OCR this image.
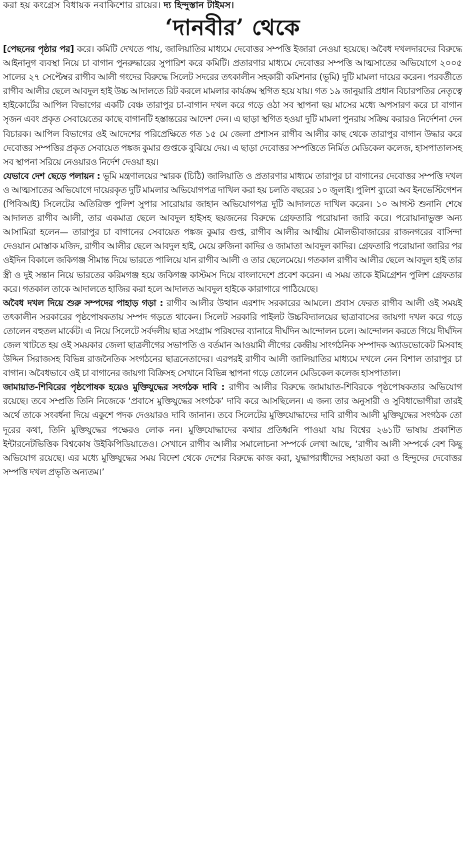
করা হয় কংগ্রেস বিধায়ক নবাকিশোর রায়ের। দ্য হিন্দুস্তান টাইমস।
‘দানবীর’ থেকে

[পেছনের পৃষ্ঠার পর] করে। কমিটি দেখতে পায়, জালিয়াতির মাধ্যমে দেবোত্তর সম্পত্তি ইজারা নেওয়া হয়েছে। অবৈধ দখলদারদের বিরুদ্ধে আইনানুগ ব্যবস্থা নিয়ে চা বাগান পুনরুদ্ধারের সুপারিশ করে কমিটি। প্রতারণার মাধ্যমে দেবোত্তর সম্পত্তি আত্মসাতের অভিযোগে ২০০৫ সালের ২৭ সেপ্টেম্বর রাগীব আলী গংদের বিরুদ্ধে সিলেট সদরের তৎকালীন সহকারী কমিশনার (ভূমি) দুটি মামলা দায়ের করেন। পরবর্তীতে রাগীব আলীর ছেলে আবদুল হাই উচ্চ আদালতে রিট করলে মামলার কার্যক্রম স্থগিত হয়ে যায়। গত ১৯ জানুয়ারি প্রধান বিচারপতির নেতৃত্বে হাইকোর্টের আপিল বিভাগের একটি বেঞ্চ তারাপুর চা-বাগান দখল করে গড়ে ওঠা সব স্থাপনা ছয় মাসের মধ্যে অপসারণ করে চা বাগান সৃজন এবং প্রকৃত সেবায়েতের কাছে বাগানটি হস্তান্তরের আদেশ দেন। এ ছাড়া স্থগিত হওয়া দুটি মামলা পুনরায় সক্রিয় করারও নির্দেশনা দেন বিচারক। আপিল বিভাগের ওই আদেশের পরিপ্রেক্ষিতে গত ১৫ মে জেলা প্রশাসন রাগীব আলীর কাছ থেকে তারাপুর বাগান উদ্ধার করে দেবোত্তর সম্পত্তির প্রকৃত সেবায়েত পঙ্কজ কুমার গুপ্তকে বুঝিয়ে দেয়। এ ছাড়া দেবোত্তর সম্পত্তিতে নির্মিত মেডিকেল কলেজ, হাসপাতালসহ সব স্থাপনা সরিয়ে নেওয়ারও নির্দেশ দেওয়া হয়।

যেভাবে দেশ ছেড়ে পলায়ন : ভূমি মন্ত্রণালয়ের স্মারক (চিঠি) জালিয়াতি ও প্রতারণার মাধ্যমে তারাপুর চা বাগানের দেবোত্তর সম্পত্তি দখল ও আত্মসাতের অভিযোগে দায়েরকৃত দুটি মামলার অভিযোগপত্র দাখিল করা হয় চলতি বছরের ১০ জুলাই। পুলিশ ব্যুরো অব ইনভেস্টিগেশন (পিবিআই) সিলেটের অতিরিক্ত পুলিশ সুপার সারোয়ার জাহান অভিযোগপত্র দুটি আদালতে দাখিল করেন। ১০ আগস্ট শুনানি শেষে আদালত রাগীব আলী, তার একমাত্র ছেলে আবদুল হাইসহ ছয়জনের বিরুদ্ধে গ্রেফতারি পরোয়ানা জারি করে। পরোয়ানাভুক্ত অন্য আসামিরা হলেন— তারাপুর চা বাগানের সেবায়েত পঙ্কজ কুমার গুপ্ত, রাগীব আলীর আত্মীয় মৌলভীবাজারের রাজনগরের বাসিন্দা দেওয়ান মোস্তাক মজিদ, রাগীব আলীর ছেলে আবদুল হাই, মেয়ে রুজিনা কাদির ও জামাতা আবদুল কাদির। গ্রেফতারি পরোয়ানা জারির পর ওইদিন বিকালে জকিগঞ্জ সীমান্ত দিয়ে ভারতে পালিয়ে যান রাগীব আলী ও তার ছেলেমেয়ে। গতকাল রাগীব আলীর ছেলে আবদুল হাই তার স্ত্রী ও দুই সন্তান নিয়ে ভারতের করিমগঞ্জ হয়ে জকিগঞ্জ কাস্টমস দিয়ে বাংলাদেশে প্রবেশ করেন। এ সময় তাকে ইমিগ্রেশন পুলিশ গ্রেফতার করে। গতকাল তাকে আদালতে হাজির করা হলে আদালত আবদুল হাইকে কারাগারে পাঠিয়েছে।

অবৈধ দখল দিয়ে শুরু সম্পদের পাহাড় গড়া : রাগীব আলীর উত্থান এরশাদ সরকারের আমলে। প্রবাস ফেরত রাগীব আলী ওই সময়ই তৎকালীন সরকারের পৃষ্ঠপোষকতায় সম্পদ গড়তে থাকেন। সিলেট সরকারি পাইলট উচ্চবিদ্যালয়ের ছাত্রাবাসের জায়গা দখল করে গড়ে তোলেন বহুতল মার্কেট। এ নিয়ে সিলেটে সর্বদলীয় ছাত্র সংগ্রাম পরিষদের ব্যানারে দীর্ঘদিন আন্দোলন চলে। আন্দোলন করতে গিয়ে দীর্ঘদিন জেল খাটতে হয় ওই সময়কার জেলা ছাত্রলীগের সভাপতি ও বর্তমান আওয়ামী লীগের কেন্দ্রীয় সাংগঠনিক সম্পাদক অ্যাডভোকেট মিসবাহ উদ্দিন সিরাজসহ বিভিন্ন রাজনৈতিক সংগঠনের ছাত্রনেতাদের। এরপরই রাগীব আলী জালিয়াতির মাধ্যমে দখলে নেন বিশাল তারাপুর চা বাগান। অবৈধভাবে ওই চা বাগানের জায়গা বিক্রিসহ সেখানে বিভিন্ন স্থাপনা গড়ে তোলেন মেডিকেল কলেজ হাসপাতাল।

জামায়াত-শিবিরের পৃষ্ঠপোষক হয়েও মুক্তিযুদ্ধের সংগঠক দাবি : রাগীব আলীর বিরুদ্ধে জামায়াত-শিবিরকে পৃষ্ঠপোষকতার অভিযোগ রয়েছে। তবে সম্প্রতি তিনি নিজেকে ‘প্রবাসে মুক্তিযুদ্ধের সংগঠক’ দাবি করে আসছিলেন। এ জন্য তার অনুসারী ও সুবিধাভোগীরা তারই অর্থে তাকে সংবর্ধনা দিয়ে একুশে পদক দেওয়ারও দাবি জানান। তবে সিলেটের মুক্তিযোদ্ধাদের দাবি রাগীব আলী মুক্তিযুদ্ধের সংগঠক তো দূরের কথা, তিনি মুক্তিযুদ্ধের পক্ষেরও লোক নন। মুক্তিযোদ্ধাদের কথার প্রতিধ্বনি পাওয়া যায় বিশ্বের ২৬১টি ভাষায় প্রকাশিত ইন্টারনেটভিত্তিক বিশ্বকোষ উইকিপিডিয়াতেও। সেখানে রাগীব আলীর সমালোচনা সম্পর্কে লেখা আছে, ‘রাগীব আলী সম্পর্কে বেশ কিছু অভিযোগ রয়েছে। এর মধ্যে মুক্তিযুদ্ধের সময় বিদেশ থেকে দেশের বিরুদ্ধে কাজ করা, যুদ্ধাপরাধীদের সহায়তা করা ও হিন্দুদের দেবোত্তর সম্পত্তি দখল প্রভৃতি অন্যতম।’
